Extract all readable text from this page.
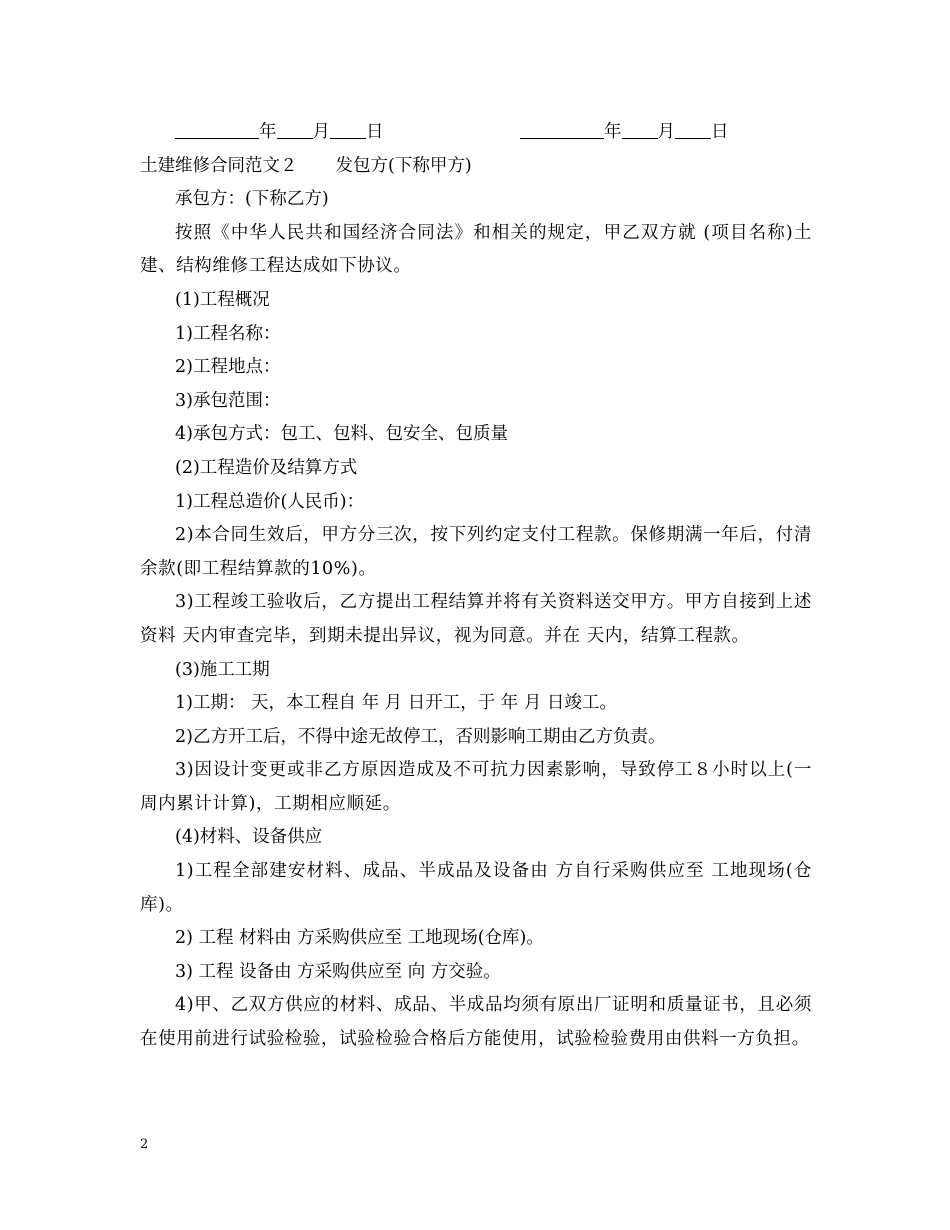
年 月 日	年 月 日
土建维修合同范文２ 发包方(下称甲方)
承包方：(下称乙方)
按照《中华人民共和国经济合同法》和相关的规定，甲乙双方就 (项目名称)土建、结构维修工程达成如下协议。
(1)工程概况
1)工程名称：
2)工程地点：
3)承包范围：
4)承包方式：包工、包料、包安全、包质量
(2)工程造价及结算方式
1)工程总造价(人民币)：
2)本合同生效后，甲方分三次，按下列约定支付工程款。保修期满一年后，付清余款(即工程结算款的10%)。
3)工程竣工验收后，乙方提出工程结算并将有关资料送交甲方。甲方自接到上述资料 天内审查完毕，到期未提出异议，视为同意。并在 天内，结算工程款。
(3)施工工期
1)工期： 天，本工程自 年 月 日开工，于 年 月 日竣工。
2)乙方开工后，不得中途无故停工，否则影响工期由乙方负责。
3)因设计变更或非乙方原因造成及不可抗力因素影响，导致停工８小时以上(一周内累计计算)，工期相应顺延。
(4)材料、设备供应
1)工程全部建安材料、成品、半成品及设备由 方自行采购供应至 工地现场(仓库)。
2) 工程 材料由 方采购供应至 工地现场(仓库)。
3) 工程 设备由 方采购供应至 向 方交验。
4)甲、乙双方供应的材料、成品、半成品均须有原出厂证明和质量证书，且必须在使用前进行试验检验，试验检验合格后方能使用，试验检验费用由供料一方负担。
2
